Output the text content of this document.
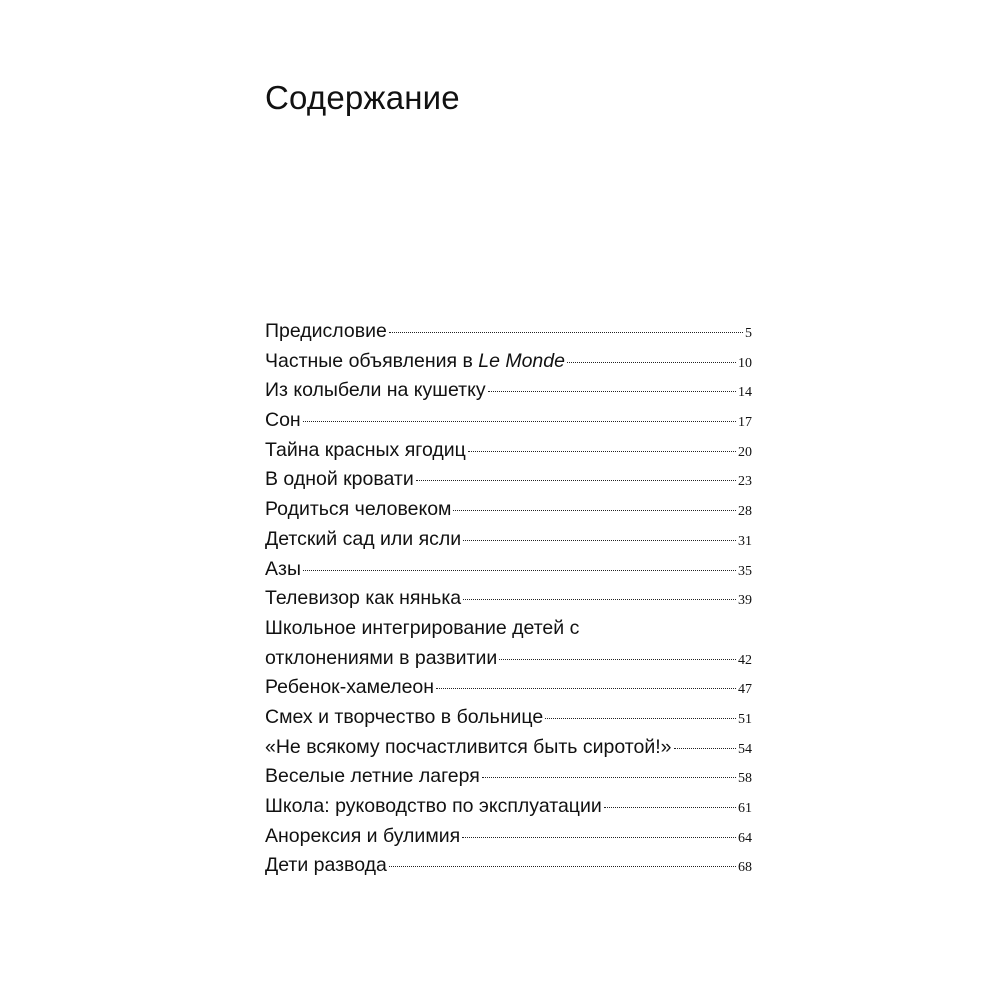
Содержание
Предисловие	5
Частные объявления в Le Monde	10
Из колыбели на кушетку	14
Сон	17
Тайна красных ягодиц	20
В одной кровати	23
Родиться человеком	28
Детский сад или ясли	31
Азы	35
Телевизор как нянька	39
Школьное интегрирование детей с
отклонениями в развитии	42
Ребенок-хамелеон	47
Смех и творчество в больнице	51
«Не всякому посчастливится быть сиротой!»	54
Веселые летние лагеря	58
Школа: руководство по эксплуатации	61
Анорексия и булимия	64
Дети развода	68
